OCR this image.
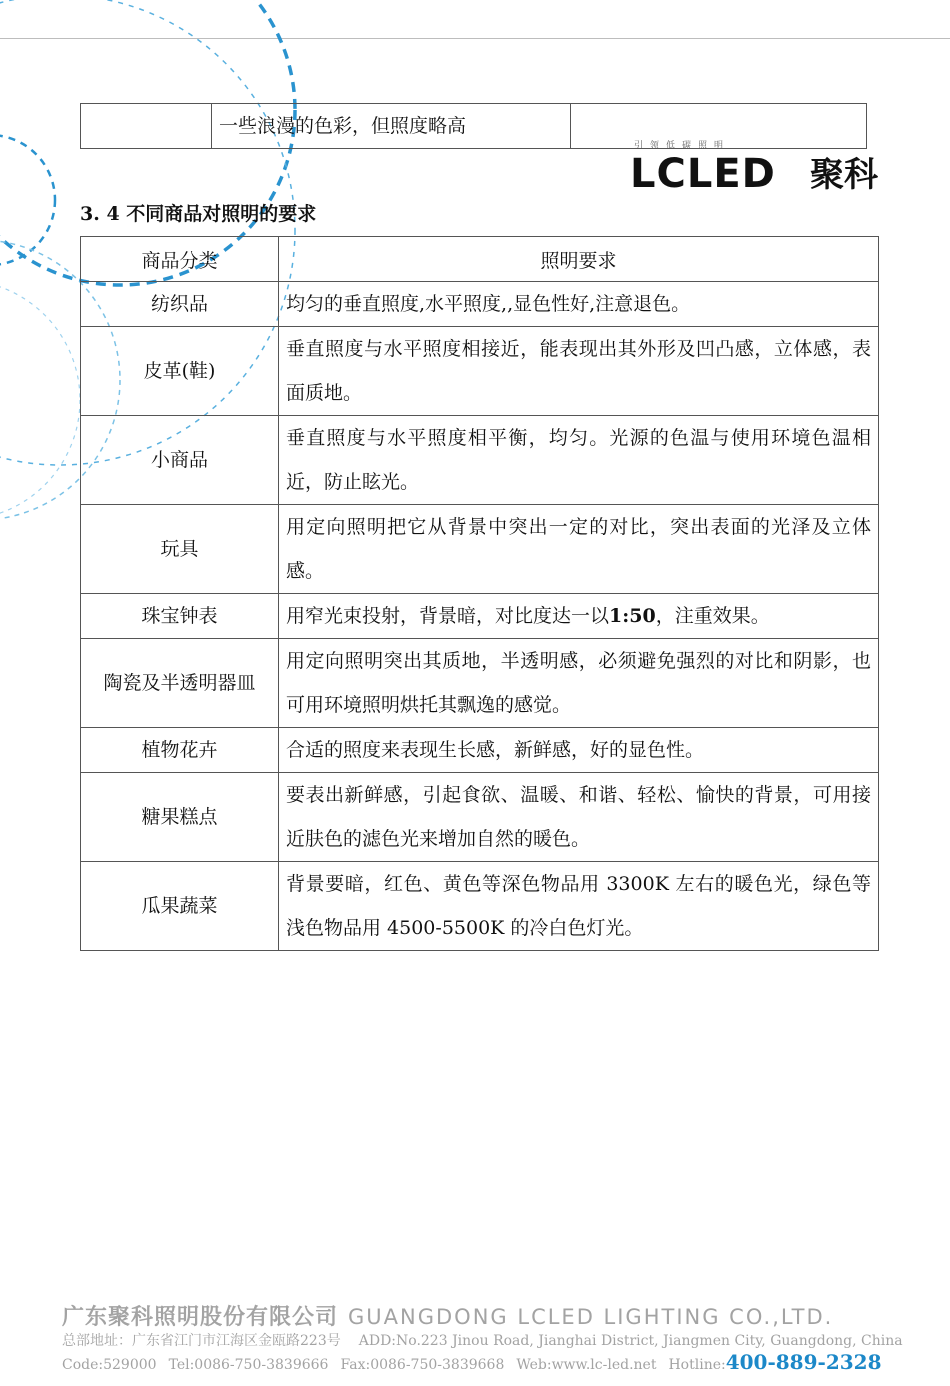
引领低碳照明
LCLED 聚科
	一些浪漫的色彩，但照度略高	
3. 4 不同商品对照明的要求
商品分类	照明要求
纺织品	均匀的垂直照度,水平照度,,显色性好,注意退色。
皮革(鞋)	垂直照度与水平照度相接近，能表现出其外形及凹凸感，立体感，表面质地。
小商品	垂直照度与水平照度相平衡，均匀。光源的色温与使用环境色温相近，防止眩光。
玩具	用定向照明把它从背景中突出一定的对比，突出表面的光泽及立体感。
珠宝钟表	用窄光束投射，背景暗，对比度达一以1:50，注重效果。
陶瓷及半透明器皿	用定向照明突出其质地，半透明感，必须避免强烈的对比和阴影，也可用环境照明烘托其飘逸的感觉。
植物花卉	合适的照度来表现生长感，新鲜感，好的显色性。
糖果糕点	要表出新鲜感，引起食欲、温暖、和谐、轻松、愉快的背景，可用接近肤色的滤色光来增加自然的暖色。
瓜果蔬菜	背景要暗，红色、黄色等深色物品用 3300K 左右的暖色光，绿色等浅色物品用 4500-5500K 的冷白色灯光。
广东聚科照明股份有限公司 GUANGDONG LCLED LIGHTING CO.,LTD.
总部地址：广东省江门市江海区金瓯路223号 ADD:No.223 Jinou Road, Jianghai District, Jiangmen City, Guangdong, China
Code:529000 Tel:0086-750-3839666 Fax:0086-750-3839668 Web:www.lc-led.net Hotline:400-889-2328
